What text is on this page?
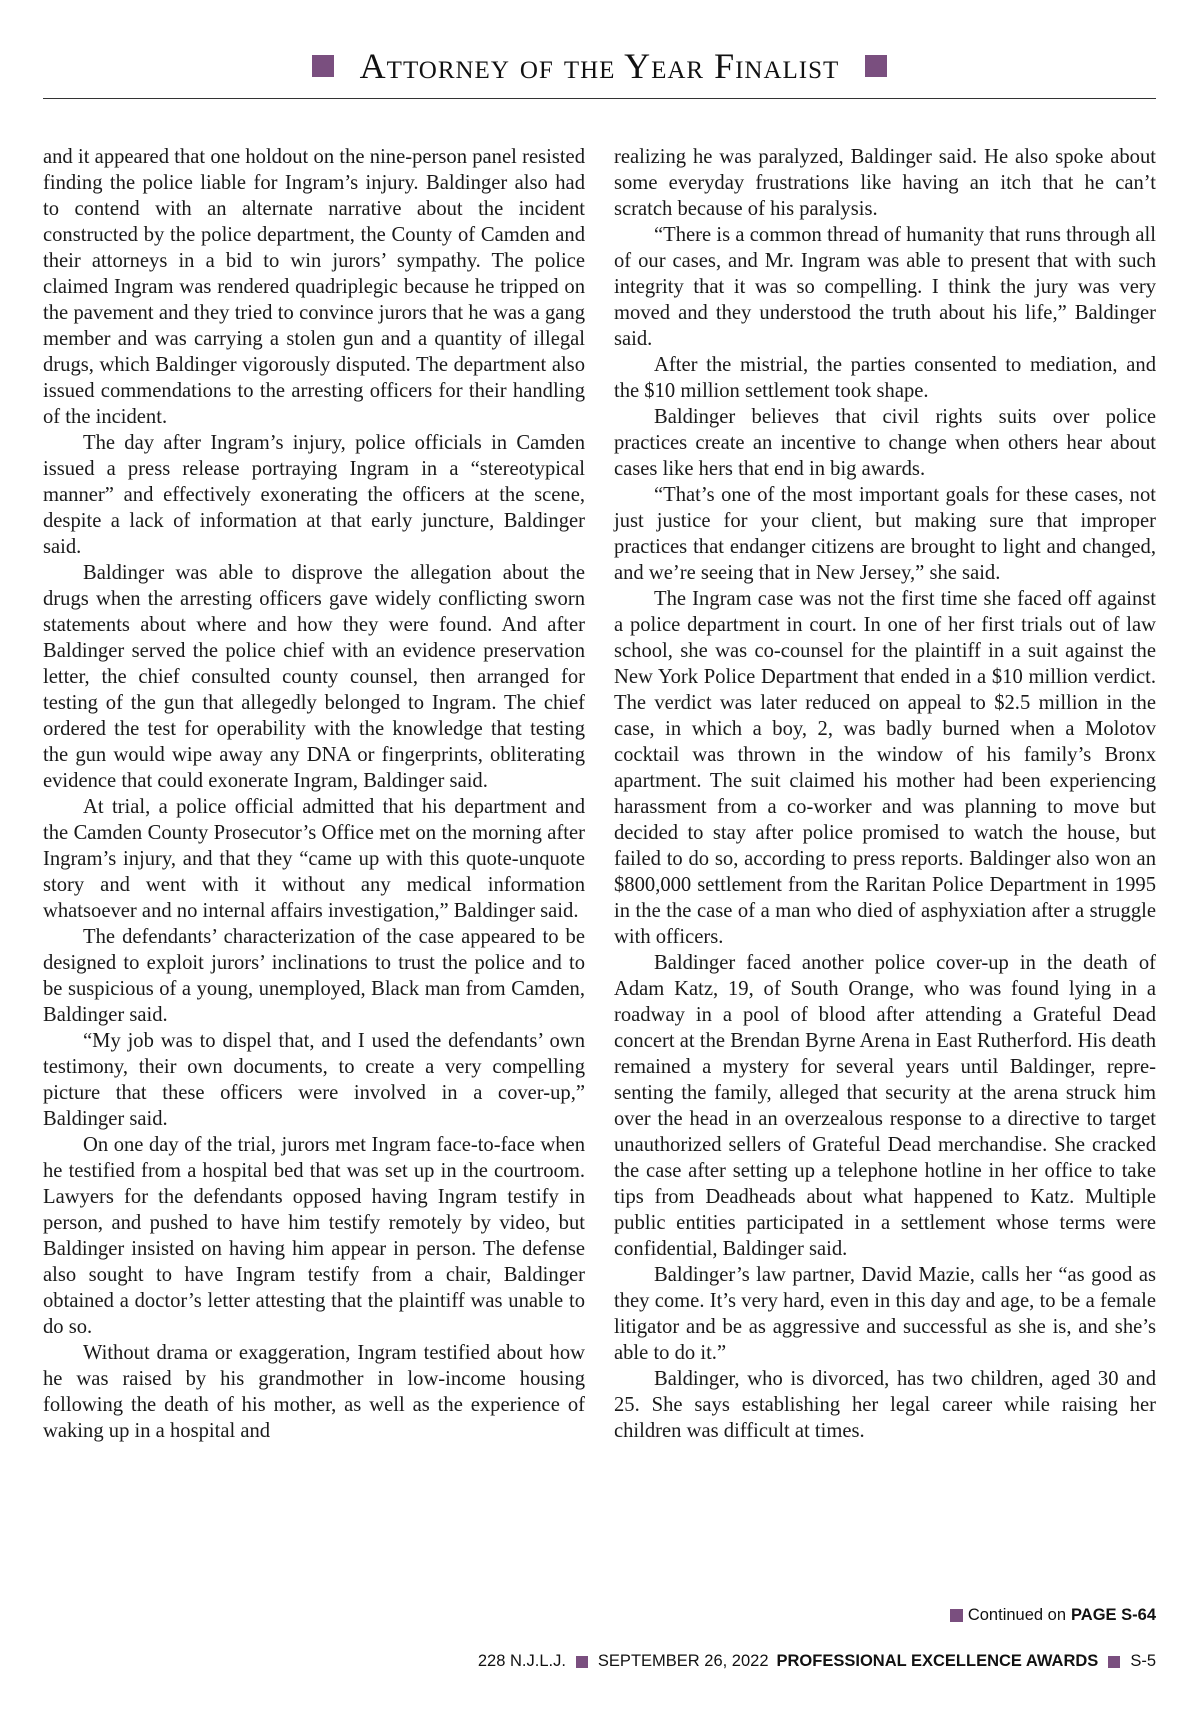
Attorney of the Year Finalist

and it appeared that one holdout on the nine-person panel resisted finding the police liable for Ingram’s injury. Baldinger also had to contend with an alternate narrative about the incident constructed by the police department, the County of Camden and their attorneys in a bid to win jurors’ sympathy. The police claimed Ingram was rendered quadriplegic because he tripped on the pavement and they tried to convince jurors that he was a gang member and was carrying a stolen gun and a quantity of illegal drugs, which Baldinger vigorously disputed. The department also issued commendations to the arresting officers for their handling of the incident.

The day after Ingram’s injury, police officials in Camden issued a press release portraying Ingram in a “stereotypical manner” and effectively exonerating the officers at the scene, despite a lack of information at that early juncture, Baldinger said.

Baldinger was able to disprove the allegation about the drugs when the arresting officers gave widely conflicting sworn statements about where and how they were found. And after Baldinger served the police chief with an evidence preservation letter, the chief consulted county counsel, then arranged for testing of the gun that allegedly belonged to Ingram. The chief ordered the test for operability with the knowledge that testing the gun would wipe away any DNA or fingerprints, obliterating evidence that could exonerate Ingram, Baldinger said.

At trial, a police official admitted that his department and the Camden County Prosecutor’s Office met on the morning after Ingram’s injury, and that they “came up with this quote-unquote story and went with it without any medical information whatsoever and no internal affairs investigation,” Baldinger said.

The defendants’ characterization of the case appeared to be designed to exploit jurors’ inclinations to trust the police and to be suspicious of a young, unemployed, Black man from Camden, Baldinger said.

“My job was to dispel that, and I used the defendants’ own testimony, their own documents, to create a very compelling picture that these officers were involved in a cover-up,” Baldinger said.

On one day of the trial, jurors met Ingram face-to-face when he testified from a hospital bed that was set up in the courtroom. Lawyers for the defendants opposed having Ingram testify in person, and pushed to have him testify remotely by video, but Baldinger insisted on having him appear in person. The defense also sought to have Ingram testify from a chair, Baldinger obtained a doctor’s letter attesting that the plaintiff was unable to do so.

Without drama or exaggeration, Ingram testified about how he was raised by his grandmother in low-income housing following the death of his mother, as well as the experience of waking up in a hospital and

realizing he was paralyzed, Baldinger said. He also spoke about some everyday frustrations like having an itch that he can’t scratch because of his paralysis.

“There is a common thread of humanity that runs through all of our cases, and Mr. Ingram was able to present that with such integrity that it was so compelling. I think the jury was very moved and they understood the truth about his life,” Baldinger said.

After the mistrial, the parties consented to mediation, and the $10 million settlement took shape.

Baldinger believes that civil rights suits over police practices create an incentive to change when others hear about cases like hers that end in big awards.

“That’s one of the most important goals for these cases, not just justice for your client, but making sure that improper practices that endanger citizens are brought to light and changed, and we’re seeing that in New Jersey,” she said.

The Ingram case was not the first time she faced off against a police department in court. In one of her first trials out of law school, she was co-counsel for the plaintiff in a suit against the New York Police Department that ended in a $10 million verdict. The verdict was later reduced on appeal to $2.5 million in the case, in which a boy, 2, was badly burned when a Molotov cocktail was thrown in the window of his family’s Bronx apartment. The suit claimed his mother had been experiencing harassment from a co-worker and was planning to move but decided to stay after police promised to watch the house, but failed to do so, according to press reports. Baldinger also won an $800,000 settlement from the Raritan Police Department in 1995 in the the case of a man who died of asphyxiation after a struggle with officers.

Baldinger faced another police cover-up in the death of Adam Katz, 19, of South Orange, who was found lying in a roadway in a pool of blood after attending a Grateful Dead concert at the Brendan Byrne Arena in East Rutherford. His death remained a mystery for several years until Baldinger, representing the family, alleged that security at the arena struck him over the head in an overzealous response to a directive to target unauthorized sellers of Grateful Dead merchandise. She cracked the case after setting up a telephone hotline in her office to take tips from Deadheads about what happened to Katz. Multiple public entities participated in a settlement whose terms were confidential, Baldinger said.

Baldinger’s law partner, David Mazie, calls her “as good as they come. It’s very hard, even in this day and age, to be a female litigator and be as aggressive and successful as she is, and she’s able to do it.”

Baldinger, who is divorced, has two children, aged 30 and 25. She says establishing her legal career while raising her children was difficult at times.

Continued on PAGE S-64
228 N.J.L.J. SEPTEMBER 26, 2022 PROFESSIONAL EXCELLENCE AWARDS S-5
